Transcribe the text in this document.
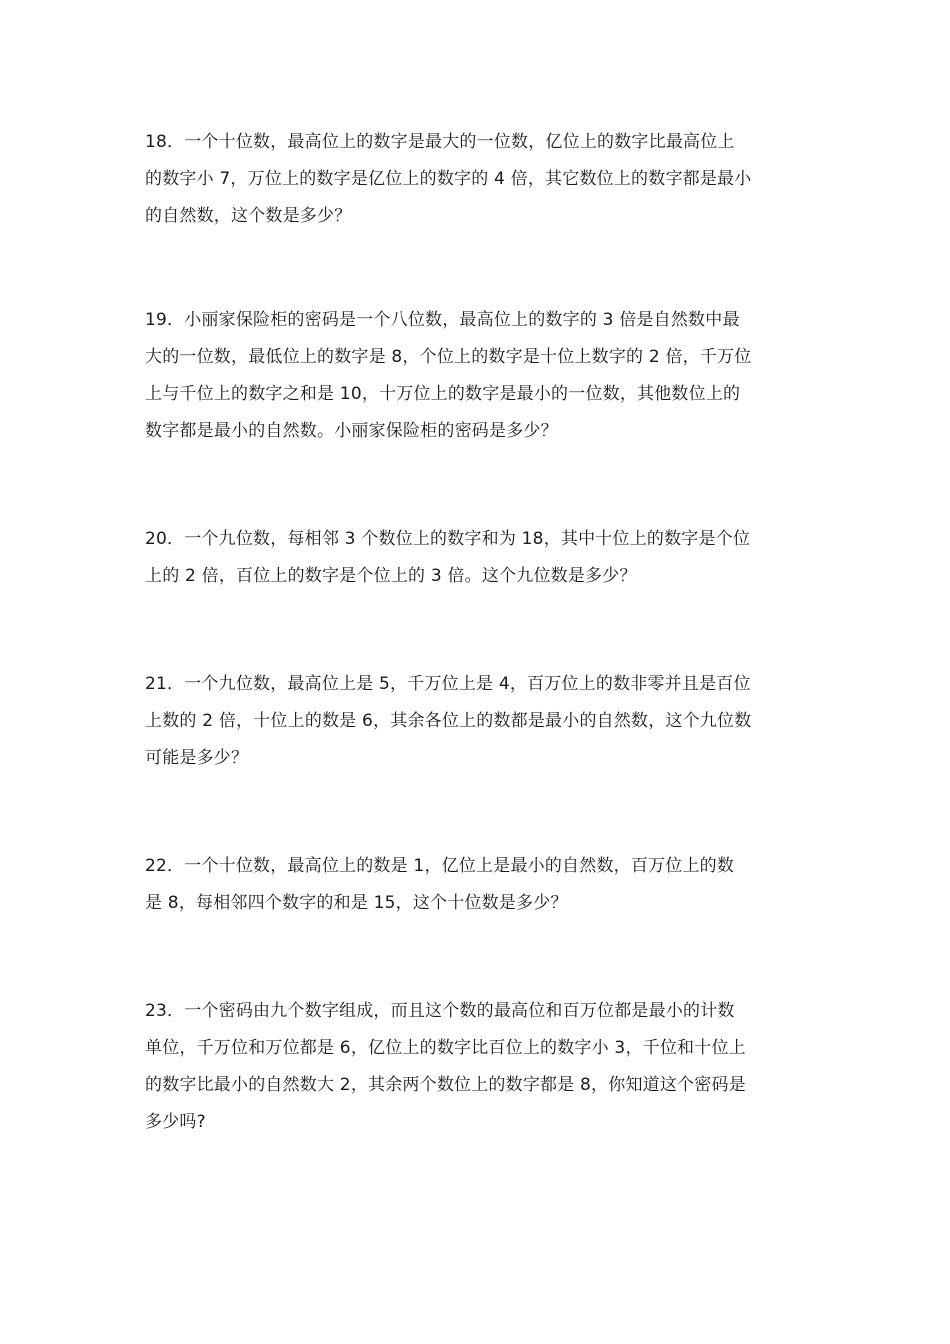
18．一个十位数，最高位上的数字是最大的一位数，亿位上的数字比最高位上
的数字小 7，万位上的数字是亿位上的数字的 4 倍，其它数位上的数字都是最小
的自然数，这个数是多少？
19．小丽家保险柜的密码是一个八位数，最高位上的数字的 3 倍是自然数中最
大的一位数，最低位上的数字是 8，个位上的数字是十位上数字的 2 倍，千万位
上与千位上的数字之和是 10，十万位上的数字是最小的一位数，其他数位上的
数字都是最小的自然数。小丽家保险柜的密码是多少？
20．一个九位数，每相邻 3 个数位上的数字和为 18，其中十位上的数字是个位
上的 2 倍，百位上的数字是个位上的 3 倍。这个九位数是多少？
21．一个九位数，最高位上是 5，千万位上是 4，百万位上的数非零并且是百位
上数的 2 倍，十位上的数是 6，其余各位上的数都是最小的自然数，这个九位数
可能是多少？
22．一个十位数，最高位上的数是 1，亿位上是最小的自然数，百万位上的数
是 8，每相邻四个数字的和是 15，这个十位数是多少？
23．一个密码由九个数字组成，而且这个数的最高位和百万位都是最小的计数
单位，千万位和万位都是 6，亿位上的数字比百位上的数字小 3，千位和十位上
的数字比最小的自然数大 2，其余两个数位上的数字都是 8，你知道这个密码是
多少吗?
